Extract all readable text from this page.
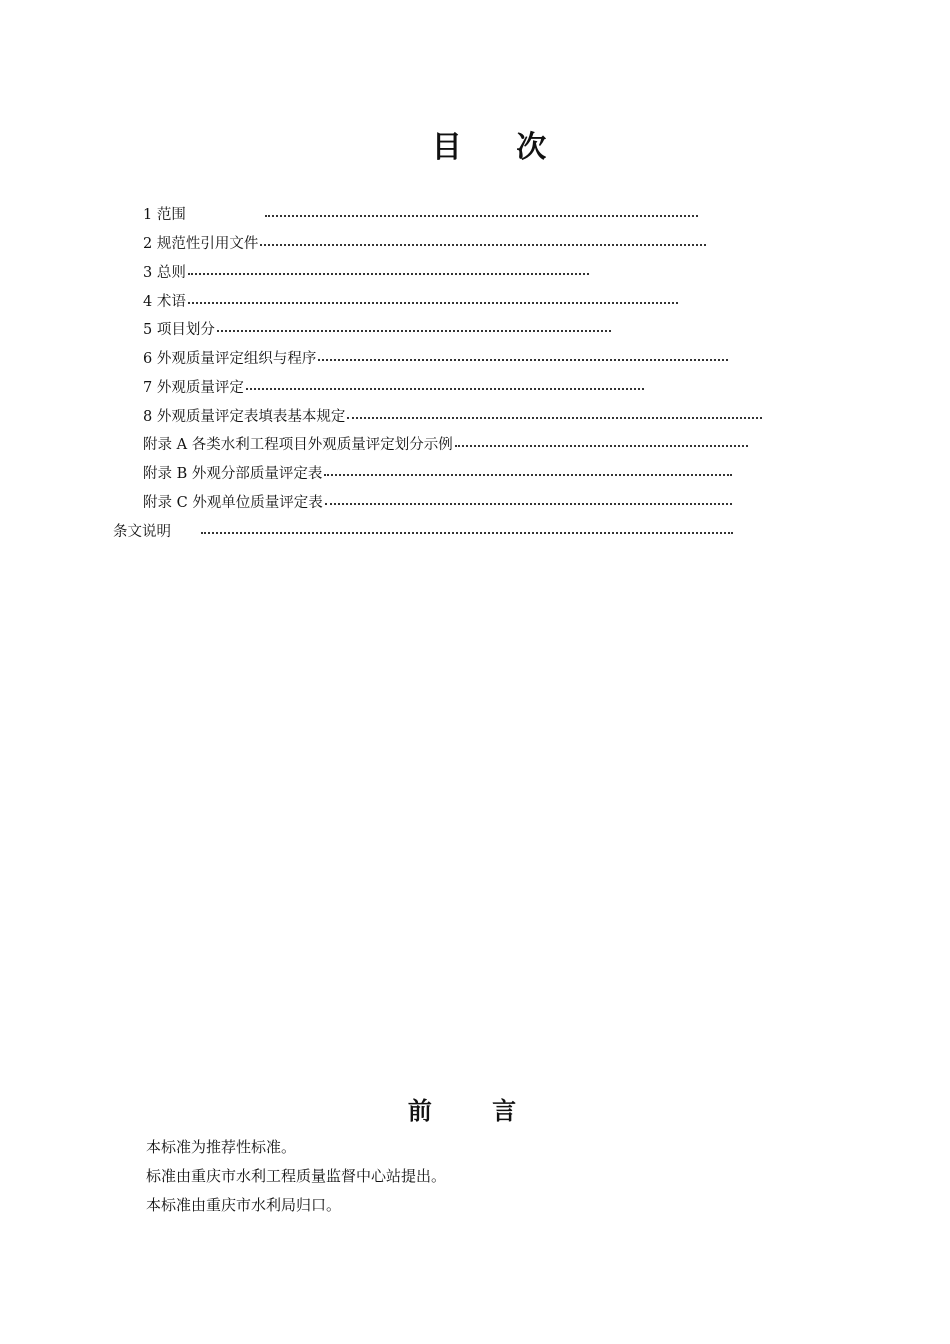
目 次
1 范围
2 规范性引用文件
3 总则
4 术语
5 项目划分
6 外观质量评定组织与程序
7 外观质量评定
8 外观质量评定表填表基本规定
附录 A 各类水利工程项目外观质量评定划分示例
附录 B 外观分部质量评定表
附录 C 外观单位质量评定表
条文说明
前 言
本标准为推荐性标准。
标准由重庆市水利工程质量监督中心站提出。
本标准由重庆市水利局归口。
